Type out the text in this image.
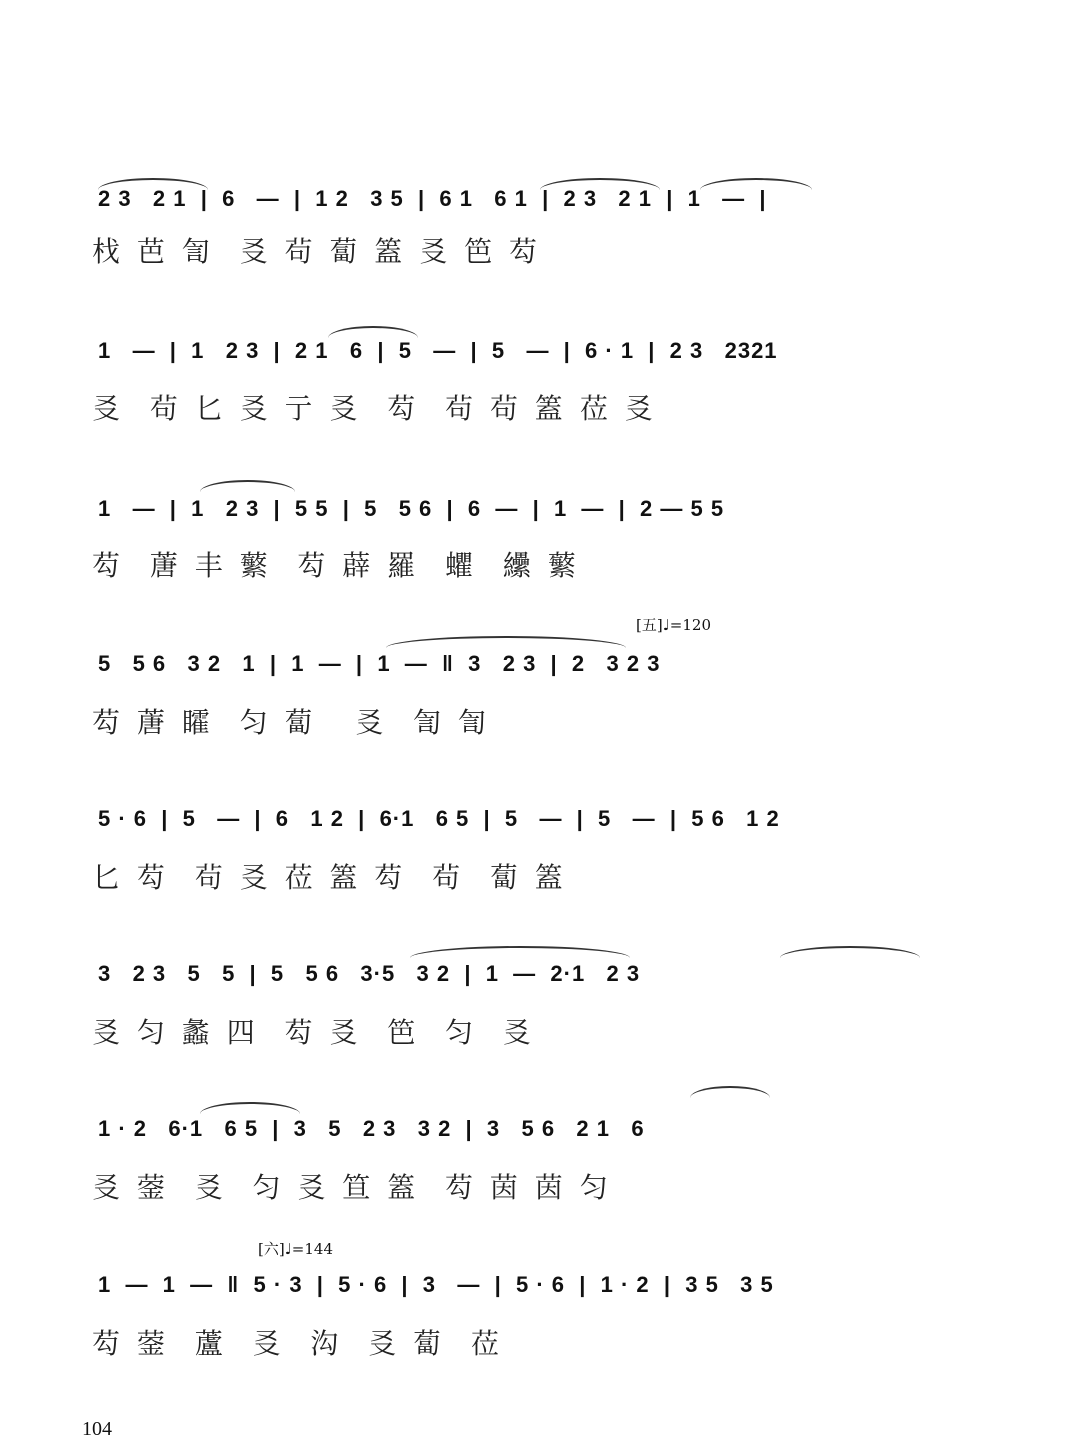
2 3   2 1  |  6   —  |  1 2   3 5  |  6 1   6 1  |  2 3   2 1  |  1   —  |
𣏾 芭 訇  㕛 茍 蔔 篕 㕛 笆 芶
1   —  |  1   2 3  |  2 1   6  |  5   —  |  5   —  |  6 · 1  |  2 3   2321
㕛  茍 匕 㕛 亍 㕛  芶  茍 茍 篕 莅 㕛
1   —  |  1   2 3  |  5 5  |  5   5 6  |  6  —  |  1  —  |  2 — 5 5
芶  蓎 丰 蘩  芶 薜 羅  蠷  纝 蘩
[五]♩=120
5   5 6   3 2   1  |  1  —  |  1  —  ‖  3   2 3  |  2   3 2 3
芶 蓎 矐  匀 蔔   㕛  訇 訇
5 · 6  |  5   —  |  6   1 2  |  6·1   6 5  |  5   —  |  5   —  |  5 6   1 2
匕 芶  茍 㕛 莅 篕 芶  茍  蔔 篕
3   2 3   5   5  |  5   5 6   3·5   3 2  |  1  —  2·1   2 3
㕛 匀 蠡 四  芶 㕛  笆  匀  㕛
1 · 2   6·1   6 5  |  3   5   2 3   3 2  |  3   5 6   2 1   6
㕛 蓥  㕛  匀 㕛 笪 篕  芶 茵 茵 匀
[六]♩=144
1  —  1  —  ‖  5 · 3  |  5 · 6  |  3   —  |  5 · 6  |  1 · 2  |  3 5   3 5
芶 蓥  蘆  㕛  沟  㕛 蔔  莅
104
